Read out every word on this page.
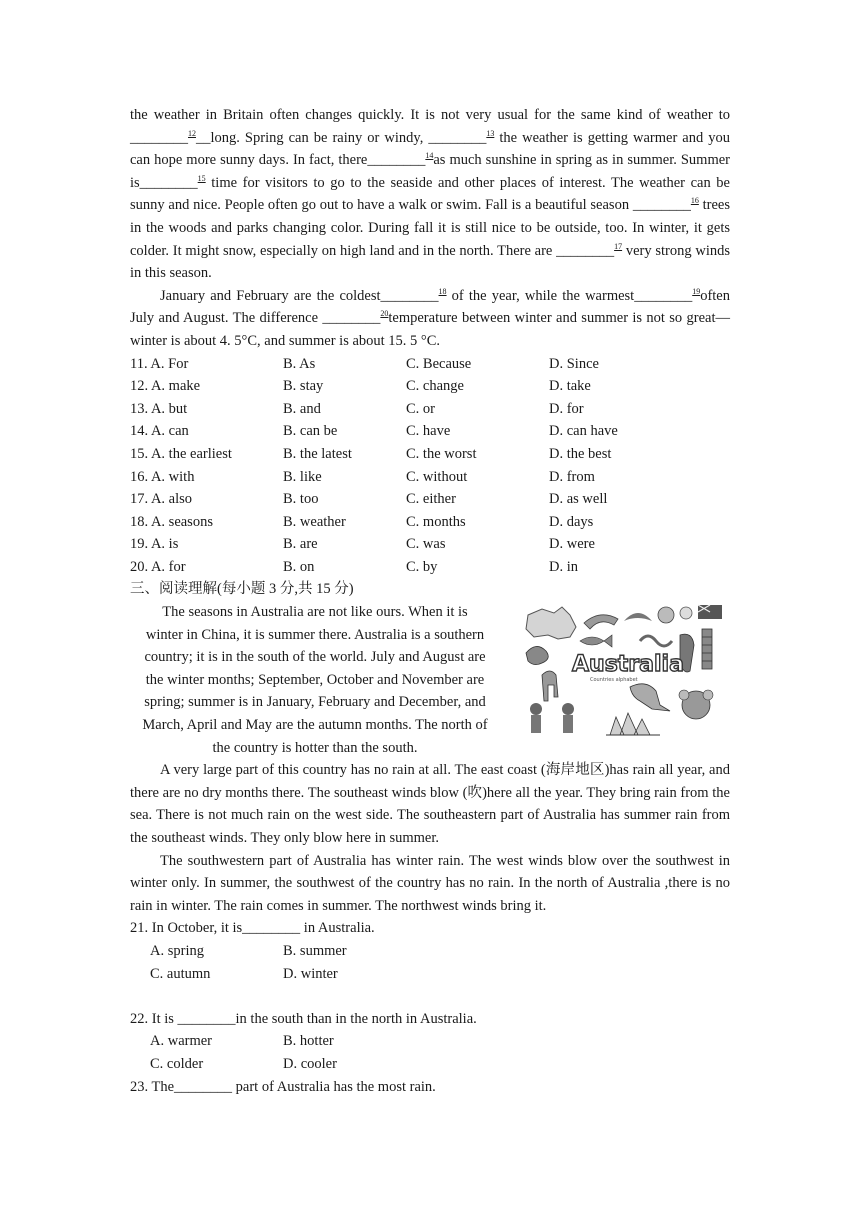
the weather in Britain often changes quickly. It is not very usual for the same kind of weather to ________$^{12}$__long. Spring can be rainy or windy, ________$^{13}$ the weather is getting warmer and you can hope more sunny days. In fact, there________$^{14}$as much sunshine in spring as in summer. Summer is________$^{15}$ time for visitors to go to the seaside and other places of interest. The weather can be sunny and nice. People often go out to have a walk or swim. Fall is a beautiful season ________$^{16}$ trees in the woods and parks changing color. During fall it is still nice to be outside, too. In winter, it gets colder. It might snow, especially on high land and in the north. There are ________$^{17}$ very strong winds in this season.

January and February are the coldest________$^{18}$ of the year, while the warmest________$^{19}$often July and August. The difference ________$^{20}$temperature between winter and summer is not so great—winter is about 4. 5°C, and summer is about 15. 5 °C.

11. A. For	B. As	C. Because	D. Since
12. A. make	B. stay	C. change	D. take
13. A. but	B. and	C. or	D. for
14. A. can	B. can be	C. have	D. can have
15. A. the earliest	B. the latest	C. the worst	D. the best
16. A. with	B. like	C. without	D. from
17. A. also	B. too	C. either	D. as well
18. A. seasons	B. weather	C. months	D. days
19. A. is	B. are	C. was	D. were
20. A. for	B. on	C. by	D. in
三、阅读理解(每小题 3 分,共 15 分)
The seasons in Australia are not like ours. When it is
winter in China, it is summer there. Australia is a southern
country; it is in the south of the world. July and August are
the winter months; September, October and November are
spring; summer is in January, February and December, and
March, April and May are the autumn months. The north of
the country is hotter than the south.
Australia
Countries alphabet

A very large part of this country has no rain at all. The east coast (海岸地区)has rain all year, and there are no dry months there. The southeast winds blow (吹)here all the year. They bring rain from the sea. There is not much rain on the west side. The southeastern part of Australia has summer rain from the southeast winds. They only blow here in summer.

The southwestern part of Australia has winter rain. The west winds blow over the southwest in winter only. In summer, the southwest of the country has no rain. In the north of Australia ,there is no rain in winter. The rain comes in summer. The northwest winds bring it.

21. In October, it is________ in Australia.
A. spring	B. summer
C. autumn	D. winter
22. It is ________in the south than in the north in Australia.
A. warmer	B. hotter
C. colder	D. cooler
23. The________ part of Australia has the most rain.
